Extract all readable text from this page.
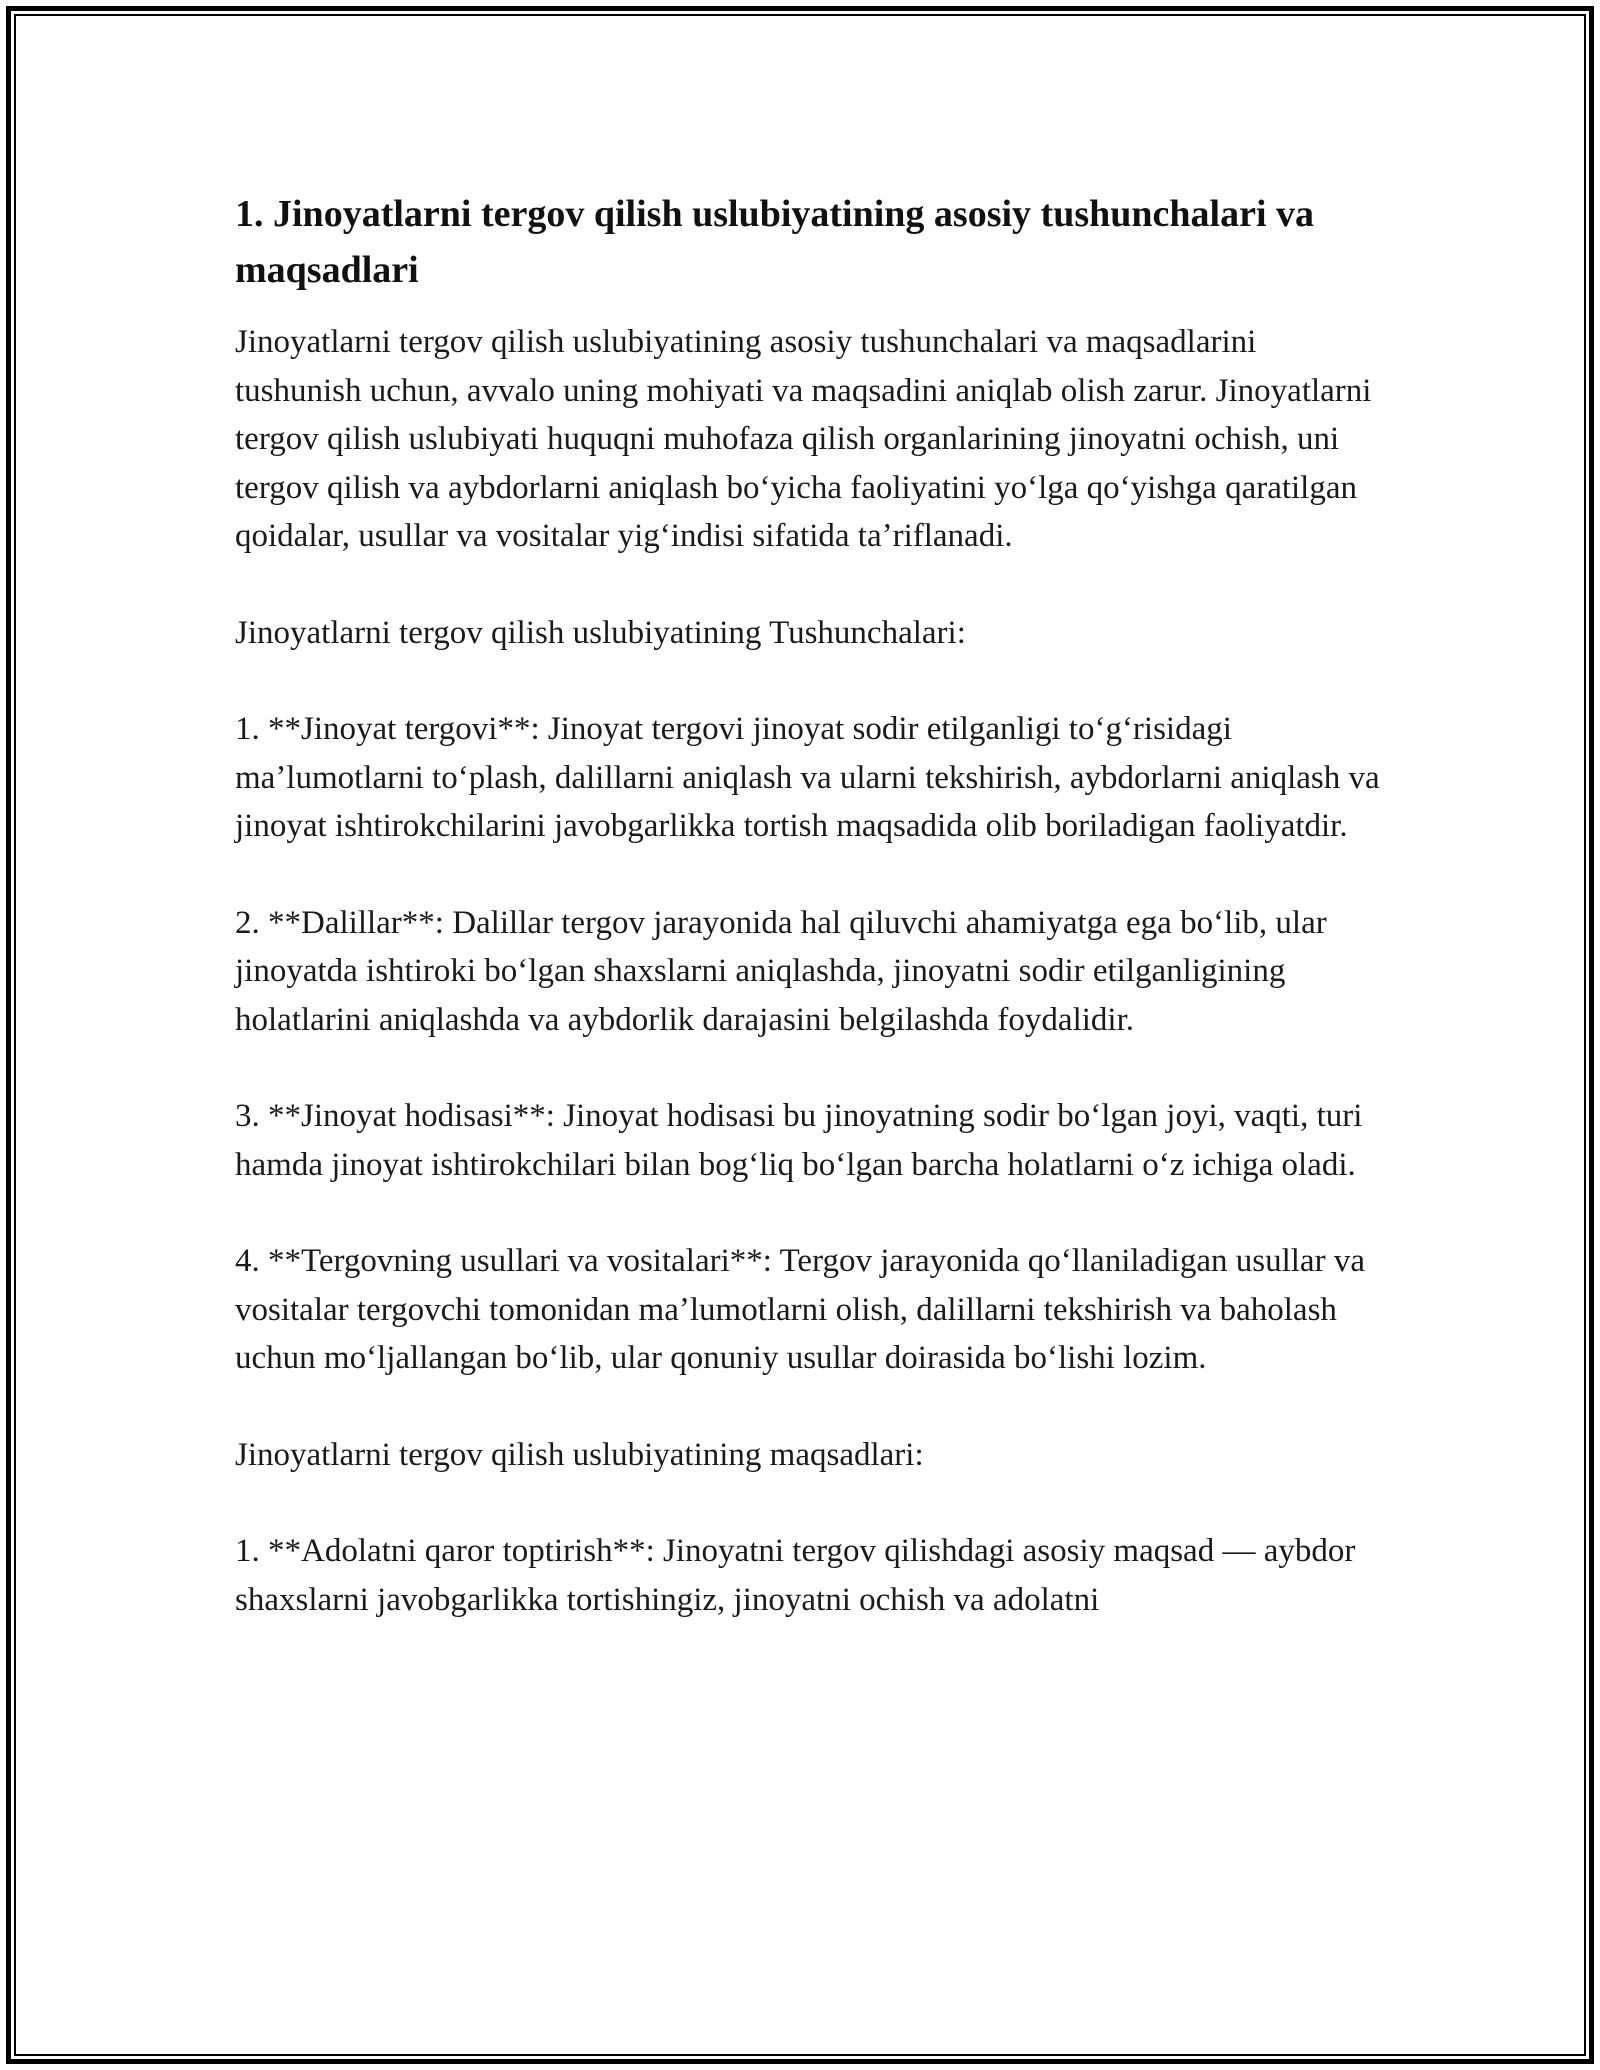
1. Jinoyatlarni tergov qilish uslubiyatining asosiy tushunchalari va maqsadlari

Jinoyatlarni tergov qilish uslubiyatining asosiy tushunchalari va maqsadlarini tushunish uchun, avvalo uning mohiyati va maqsadini aniqlab olish zarur. Jinoyatlarni tergov qilish uslubiyati huquqni muhofaza qilish organlarining jinoyatni ochish, uni tergov qilish va aybdorlarni aniqlash boʻyicha faoliyatini yoʻlga qoʻyishga qaratilgan qoidalar, usullar va vositalar yigʻindisi sifatida taʼriflanadi.

Jinoyatlarni tergov qilish uslubiyatining Tushunchalari:

1. **Jinoyat tergovi**: Jinoyat tergovi jinoyat sodir etilganligi toʻgʻrisidagi maʼlumotlarni toʻplash, dalillarni aniqlash va ularni tekshirish, aybdorlarni aniqlash va jinoyat ishtirokchilarini javobgarlikka tortish maqsadida olib boriladigan faoliyatdir.

2. **Dalillar**: Dalillar tergov jarayonida hal qiluvchi ahamiyatga ega boʻlib, ular jinoyatda ishtiroki boʻlgan shaxslarni aniqlashda, jinoyatni sodir etilganligining holatlarini aniqlashda va aybdorlik darajasini belgilashda foydalidir.

3. **Jinoyat hodisasi**: Jinoyat hodisasi bu jinoyatning sodir boʻlgan joyi, vaqti, turi hamda jinoyat ishtirokchilari bilan bogʻliq boʻlgan barcha holatlarni oʻz ichiga oladi.

4. **Tergovning usullari va vositalari**: Tergov jarayonida qoʻllaniladigan usullar va vositalar tergovchi tomonidan maʼlumotlarni olish, dalillarni tekshirish va baholash uchun moʻljallangan boʻlib, ular qonuniy usullar doirasida boʻlishi lozim.

Jinoyatlarni tergov qilish uslubiyatining maqsadlari:

1. **Adolatni qaror toptirish**: Jinoyatni tergov qilishdagi asosiy maqsad — aybdor shaxslarni javobgarlikka tortishingiz, jinoyatni ochish va adolatni
